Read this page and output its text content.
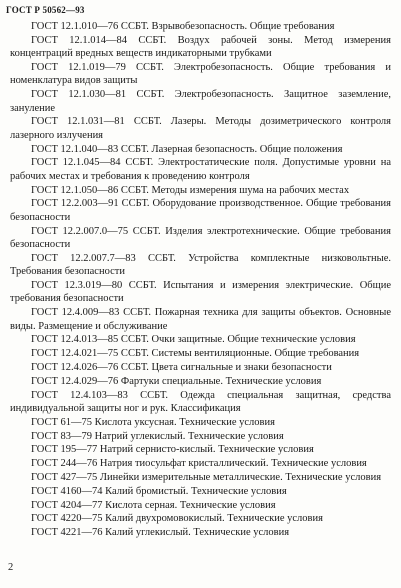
ГОСТ Р 50562—93

ГОСТ 12.1.010—76 ССБТ. Взрывобезопасность. Общие требования

ГОСТ 12.1.014—84 ССБТ. Воздух рабочей зоны. Метод измерения концентраций вредных веществ индикаторными трубками

ГОСТ 12.1.019—79 ССБТ. Электробезопасность. Общие требования и номенклатура видов защиты

ГОСТ 12.1.030—81 ССБТ. Электробезопасность. Защитное заземление, зануление

ГОСТ 12.1.031—81 ССБТ. Лазеры. Методы дозиметрического контроля лазерного излучения

ГОСТ 12.1.040—83 ССБТ. Лазерная безопасность. Общие положения

ГОСТ 12.1.045—84 ССБТ. Электростатические поля. Допустимые уровни на рабочих местах и требования к проведению контроля

ГОСТ 12.1.050—86 ССБТ. Методы измерения шума на рабочих местах

ГОСТ 12.2.003—91 ССБТ. Оборудование производственное. Общие требования безопасности

ГОСТ 12.2.007.0—75 ССБТ. Изделия электротехнические. Общие требования безопасности

ГОСТ 12.2.007.7—83 ССБТ. Устройства комплектные низковольтные. Требования безопасности

ГОСТ 12.3.019—80 ССБТ. Испытания и измерения электрические. Общие требования безопасности

ГОСТ 12.4.009—83 ССБТ. Пожарная техника для защиты объектов. Основные виды. Размещение и обслуживание

ГОСТ 12.4.013—85 ССБТ. Очки защитные. Общие технические условия

ГОСТ 12.4.021—75 ССБТ. Системы вентиляционные. Общие требования

ГОСТ 12.4.026—76 ССБТ. Цвета сигнальные и знаки безопасности

ГОСТ 12.4.029—76 Фартуки специальные. Технические условия

ГОСТ 12.4.103—83 ССБТ. Одежда специальная защитная, средства индивидуальной защиты ног и рук. Классификация

ГОСТ 61—75 Кислота уксусная. Технические условия

ГОСТ 83—79 Натрий углекислый. Технические условия

ГОСТ 195—77 Натрий сернисто-кислый. Технические условия

ГОСТ 244—76 Натрия тиосульфат кристаллический. Технические условия

ГОСТ 427—75 Линейки измерительные металлические. Технические условия

ГОСТ 4160—74 Калий бромистый. Технические условия

ГОСТ 4204—77 Кислота серная. Технические условия

ГОСТ 4220—75 Калий двухромовокислый. Технические условия

ГОСТ 4221—76 Калий углекислый. Технические условия

2
